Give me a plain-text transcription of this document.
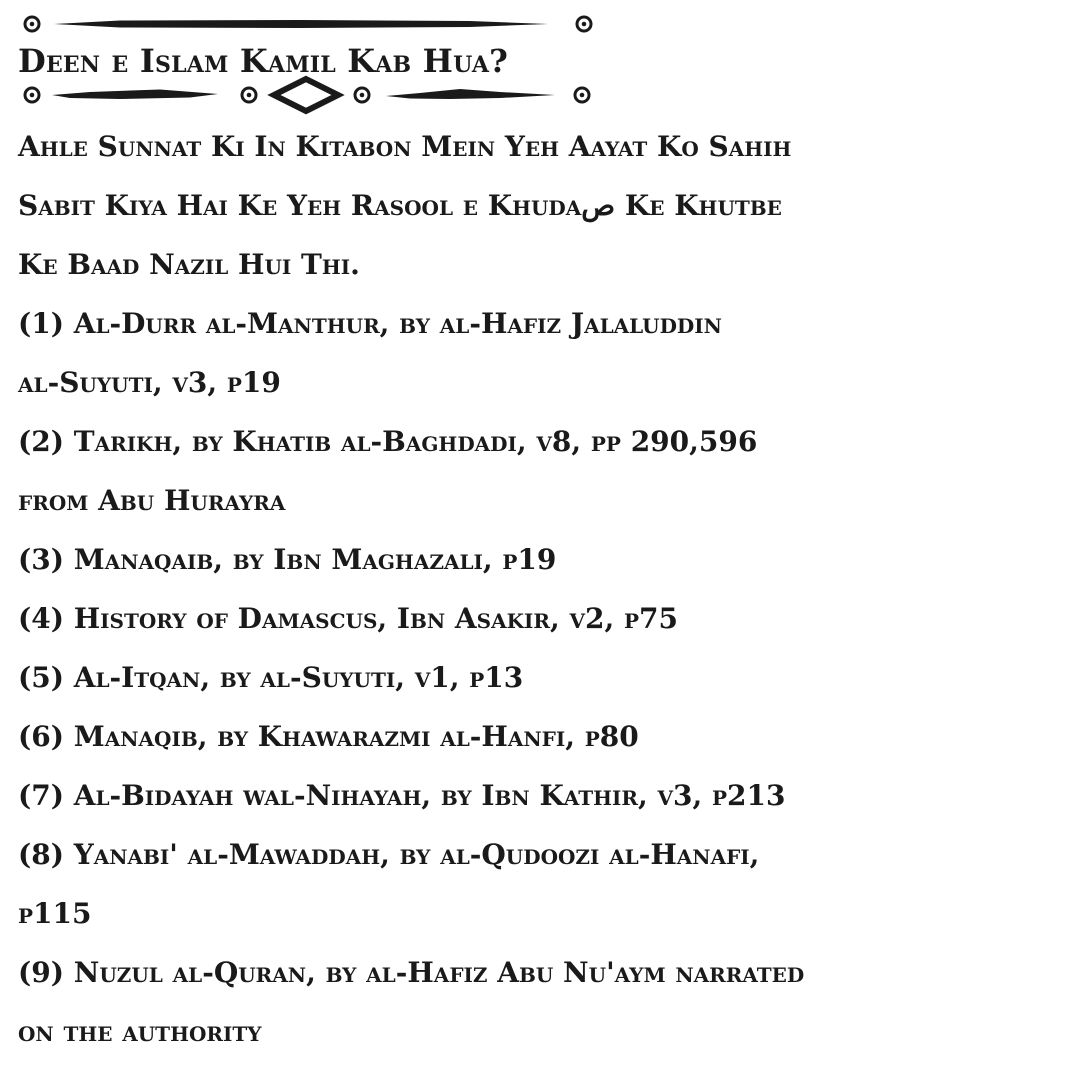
Deen e Islam Kamil Kab Hua?
Ahle Sunnat Ki In Kitabon Mein Yeh Aayat Ko Sahih
Sabit Kiya Hai Ke Yeh Rasool e Khudaص Ke Khutbe
Ke Baad Nazil Hui Thi.
(1) Al-Durr al-Manthur, by al-Hafiz Jalaluddin
al-Suyuti, v3, p19
(2) Tarikh, by Khatib al-Baghdadi, v8, pp 290,596
from Abu Hurayra
(3) Manaqaib, by Ibn Maghazali, p19
(4) History of Damascus, Ibn Asakir, v2, p75
(5) Al-Itqan, by al-Suyuti, v1, p13
(6) Manaqib, by Khawarazmi al-Hanfi, p80
(7) Al-Bidayah wal-Nihayah, by Ibn Kathir, v3, p213
(8) Yanabi' al-Mawaddah, by al-Qudoozi al-Hanafi,
p115
(9) Nuzul al-Quran, by al-Hafiz Abu Nu'aym narrated
on the authority
